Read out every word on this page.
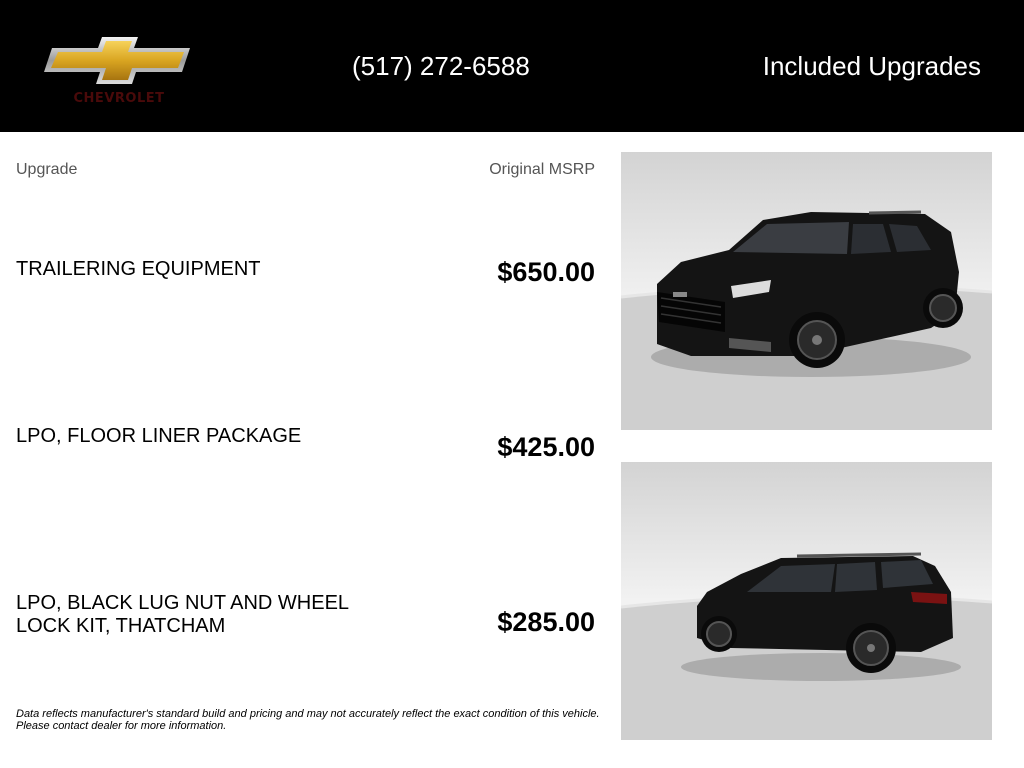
CHEVROLET
(517) 272-6588	Included Upgrades
Upgrade	Original MSRP
TRAILERING EQUIPMENT	$650.00
LPO, FLOOR LINER PACKAGE	$425.00
LPO, BLACK LUG NUT AND WHEEL LOCK KIT, THATCHAM	$285.00
Data reflects manufacturer's standard build and pricing and may not accurately reflect the exact condition of this vehicle.
Please contact dealer for more information.
